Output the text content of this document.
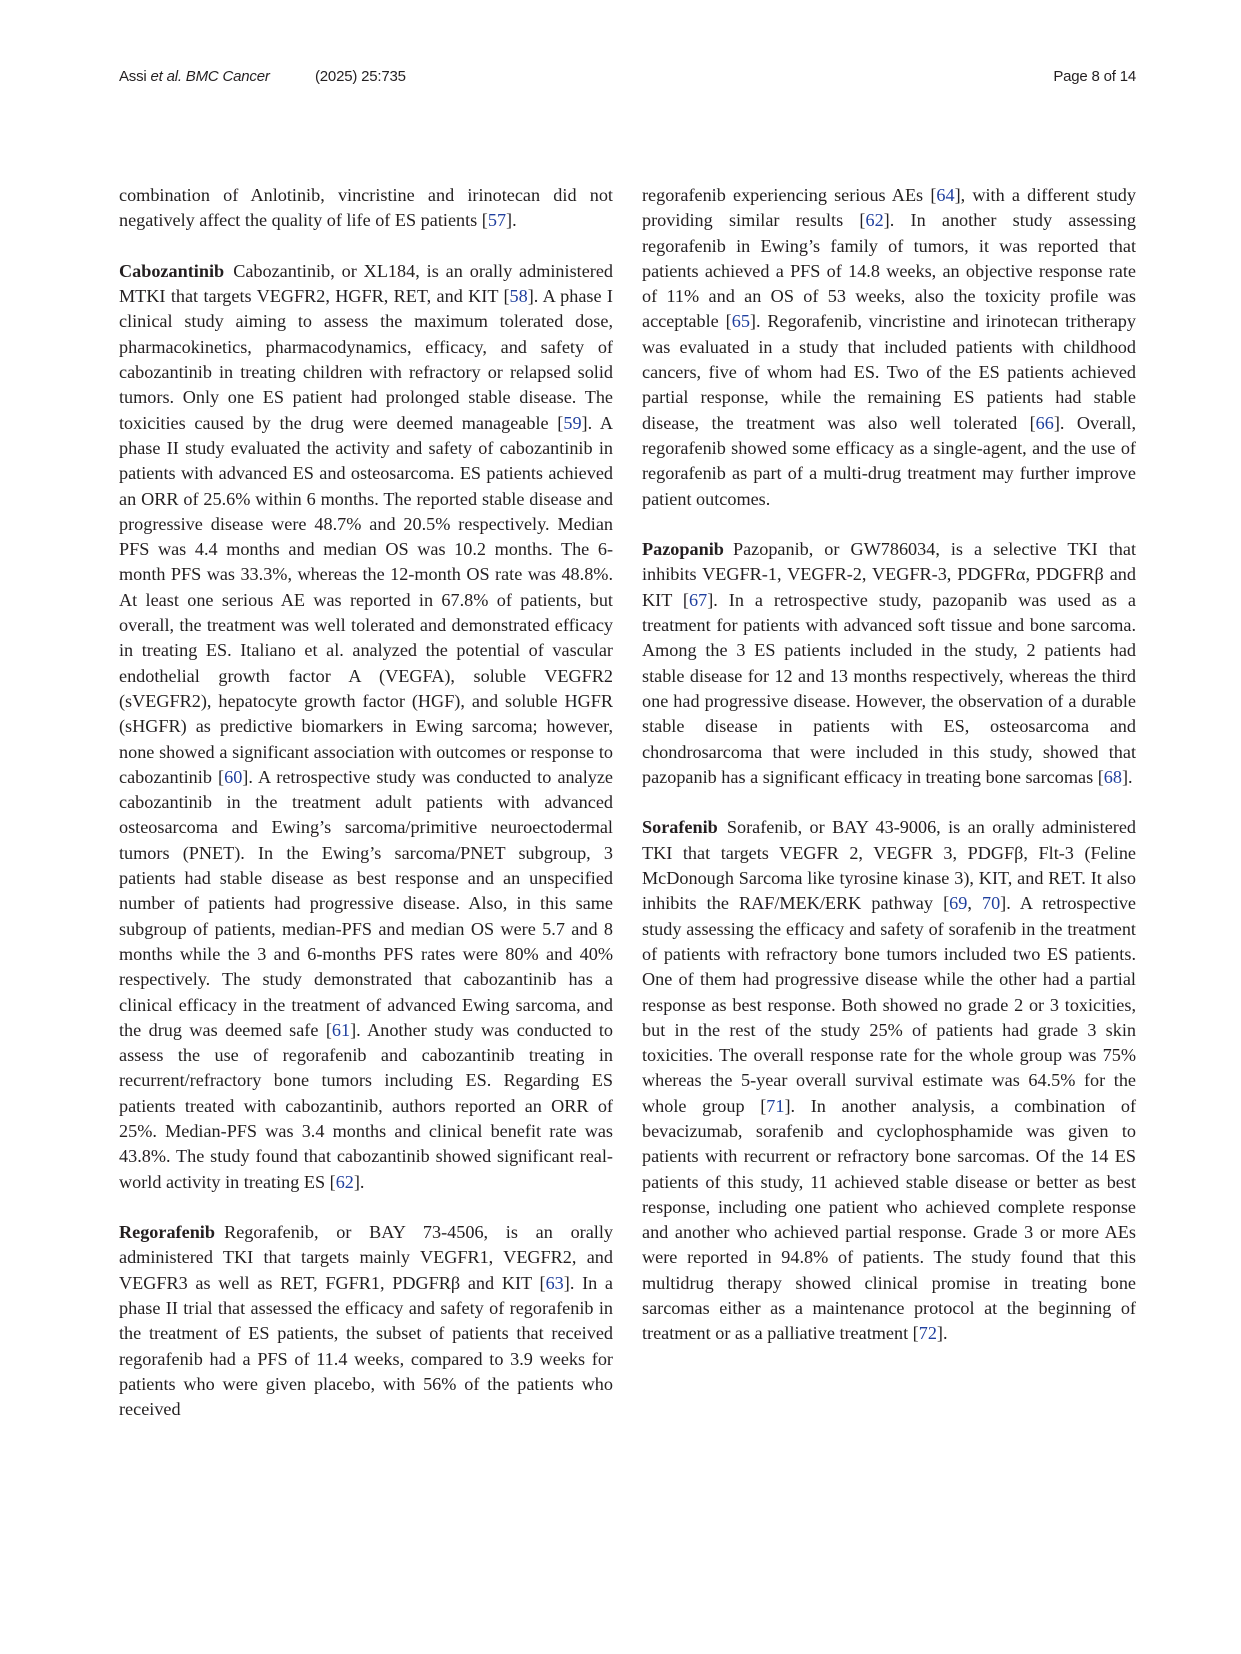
Assi et al. BMC Cancer	(2025) 25:735	Page 8 of 14

combination of Anlotinib, vincristine and irinotecan did not negatively affect the quality of life of ES patients [57].

Cabozantinib  Cabozantinib, or XL184, is an orally administered MTKI that targets VEGFR2, HGFR, RET, and KIT [58]. A phase I clinical study aiming to assess the maximum tolerated dose, pharmacokinetics, pharmacodynamics, efficacy, and safety of cabozantinib in treating children with refractory or relapsed solid tumors. Only one ES patient had prolonged stable disease. The toxicities caused by the drug were deemed manageable [59]. A phase II study evaluated the activity and safety of cabozantinib in patients with advanced ES and osteosarcoma. ES patients achieved an ORR of 25.6% within 6 months. The reported stable disease and progressive disease were 48.7% and 20.5% respectively. Median PFS was 4.4 months and median OS was 10.2 months. The 6-month PFS was 33.3%, whereas the 12-month OS rate was 48.8%. At least one serious AE was reported in 67.8% of patients, but overall, the treatment was well tolerated and demonstrated efficacy in treating ES. Italiano et al. analyzed the potential of vascular endothelial growth factor A (VEGFA), soluble VEGFR2 (sVEGFR2), hepatocyte growth factor (HGF), and soluble HGFR (sHGFR) as predictive biomarkers in Ewing sarcoma; however, none showed a significant association with outcomes or response to cabozantinib [60]. A retrospective study was conducted to analyze cabozantinib in the treatment adult patients with advanced osteosarcoma and Ewing’s sarcoma/primitive neuroectodermal tumors (PNET). In the Ewing’s sarcoma/PNET subgroup, 3 patients had stable disease as best response and an unspecified number of patients had progressive disease. Also, in this same subgroup of patients, median-PFS and median OS were 5.7 and 8 months while the 3 and 6-months PFS rates were 80% and 40% respectively. The study demonstrated that cabozantinib has a clinical efficacy in the treatment of advanced Ewing sarcoma, and the drug was deemed safe [61]. Another study was conducted to assess the use of regorafenib and cabozantinib treating in recurrent/refractory bone tumors including ES. Regarding ES patients treated with cabozantinib, authors reported an ORR of 25%. Median-PFS was 3.4 months and clinical benefit rate was 43.8%. The study found that cabozantinib showed significant real-world activity in treating ES [62].

Regorafenib  Regorafenib, or BAY 73-4506, is an orally administered TKI that targets mainly VEGFR1, VEGFR2, and VEGFR3 as well as RET, FGFR1, PDGFRβ and KIT [63]. In a phase II trial that assessed the efficacy and safety of regorafenib in the treatment of ES patients, the subset of patients that received regorafenib had a PFS of 11.4 weeks, compared to 3.9 weeks for patients who were given placebo, with 56% of the patients who received

regorafenib experiencing serious AEs [64], with a different study providing similar results [62]. In another study assessing regorafenib in Ewing’s family of tumors, it was reported that patients achieved a PFS of 14.8 weeks, an objective response rate of 11% and an OS of 53 weeks, also the toxicity profile was acceptable [65]. Regorafenib, vincristine and irinotecan tritherapy was evaluated in a study that included patients with childhood cancers, five of whom had ES. Two of the ES patients achieved partial response, while the remaining ES patients had stable disease, the treatment was also well tolerated [66]. Overall, regorafenib showed some efficacy as a single-agent, and the use of regorafenib as part of a multi-drug treatment may further improve patient outcomes.

Pazopanib  Pazopanib, or GW786034, is a selective TKI that inhibits VEGFR-1, VEGFR-2, VEGFR-3, PDGFRα, PDGFRβ and KIT [67]. In a retrospective study, pazopanib was used as a treatment for patients with advanced soft tissue and bone sarcoma. Among the 3 ES patients included in the study, 2 patients had stable disease for 12 and 13 months respectively, whereas the third one had progressive disease. However, the observation of a durable stable disease in patients with ES, osteosarcoma and chondrosarcoma that were included in this study, showed that pazopanib has a significant efficacy in treating bone sarcomas [68].

Sorafenib  Sorafenib, or BAY 43-9006, is an orally administered TKI that targets VEGFR 2, VEGFR 3, PDGFβ, Flt-3 (Feline McDonough Sarcoma like tyrosine kinase 3), KIT, and RET. It also inhibits the RAF/MEK/ERK pathway [69, 70]. A retrospective study assessing the efficacy and safety of sorafenib in the treatment of patients with refractory bone tumors included two ES patients. One of them had progressive disease while the other had a partial response as best response. Both showed no grade 2 or 3 toxicities, but in the rest of the study 25% of patients had grade 3 skin toxicities. The overall response rate for the whole group was 75% whereas the 5-year overall survival estimate was 64.5% for the whole group [71]. In another analysis, a combination of bevacizumab, sorafenib and cyclophosphamide was given to patients with recurrent or refractory bone sarcomas. Of the 14 ES patients of this study, 11 achieved stable disease or better as best response, including one patient who achieved complete response and another who achieved partial response. Grade 3 or more AEs were reported in 94.8% of patients. The study found that this multidrug therapy showed clinical promise in treating bone sarcomas either as a maintenance protocol at the beginning of treatment or as a palliative treatment [72].
